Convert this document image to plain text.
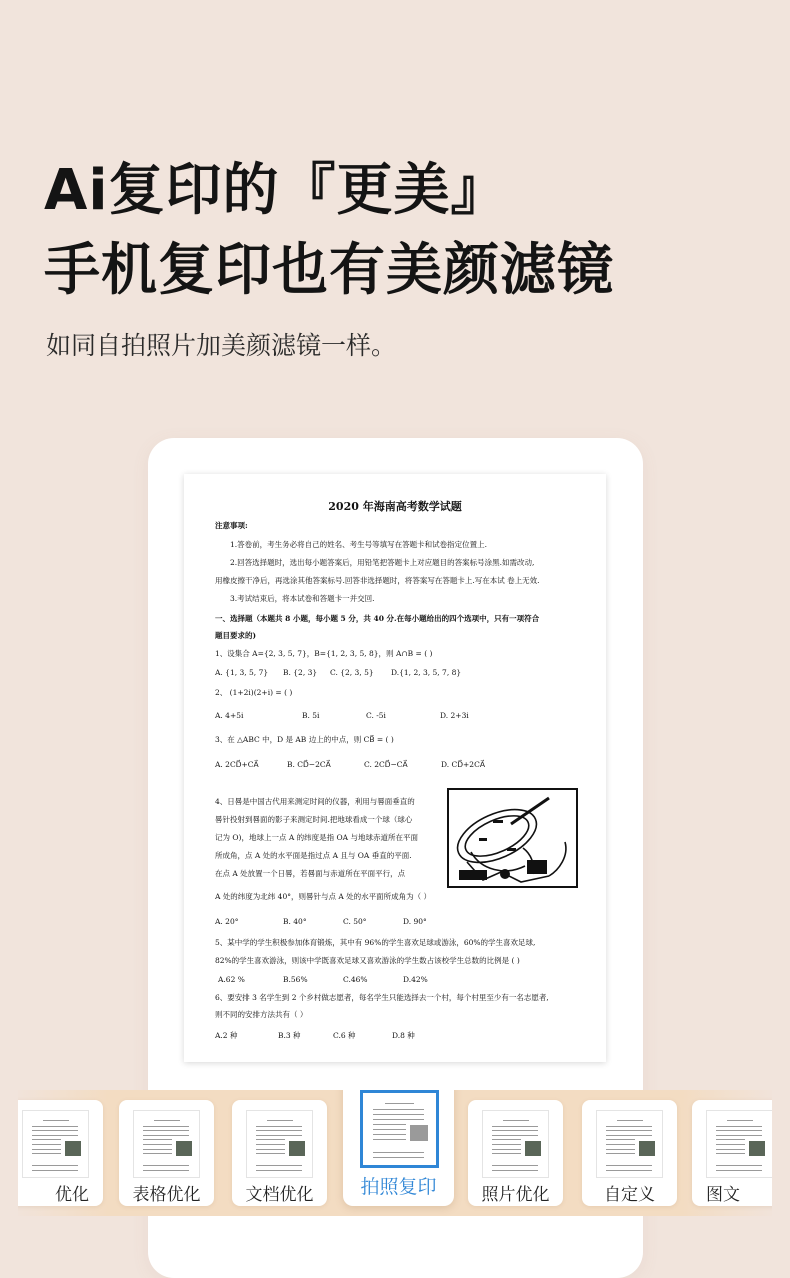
Ai复印的『更美』
手机复印也有美颜滤镜
如同自拍照片加美颜滤镜一样。
2020 年海南高考数学试题
注意事项:
1.答卷前，考生务必将自己的姓名、考生号等填写在答题卡和试卷指定位置上.
2.回答选择题时，选出每小题答案后，用铅笔把答题卡上对应题目的答案标号涂黑.如需改动,
用橡皮擦干净后，再选涂其他答案标号.回答非选择题时，将答案写在答题卡上.写在本试 卷上无效.
3.考试结束后，将本试卷和答题卡一并交回.
一、选择题（本题共 8 小题，每小题 5 分，共 40 分.在每小题给出的四个选项中，只有一项符合
题目要求的)
1、设集合 A={2, 3, 5, 7}，B={1, 2, 3, 5, 8}，则 A∩B = ( )
A. {1, 3, 5, 7} B. {2, 3} C. {2, 3, 5} D.{1, 2, 3, 5, 7, 8}
2、 (1+2i)(2+i) = ( )
A. 4+5i	B. 5i	C. -5i	D. 2+3i
3、在 △ABC 中，D 是 AB 边上的中点，则 CB⃗ = ( )
A. 2CD⃗+CA⃗	B. CD⃗−2CA⃗	C. 2CD⃗−CA⃗	D. CD⃗+2CA⃗
4、日晷是中国古代用来测定时间的仪器，利用与晷面垂直的
晷针投射到晷面的影子来测定时间.把地球看成一个球（球心
记为 O)，地球上一点 A 的纬度是指 OA 与地球赤道所在平面
所成角，点 A 处的水平面是指过点 A 且与 OA 垂直的平面.
在点 A 处放置一个日晷，若晷面与赤道所在平面平行，点
A 处的纬度为北纬 40°，则晷针与点 A 处的水平面所成角为（ ）
A. 20°	B. 40°	C. 50°	D. 90°
5、某中学的学生积极参加体育锻炼，其中有 96%的学生喜欢足球或游泳，60%的学生喜欢足球,
82%的学生喜欢游泳，则该中学既喜欢足球又喜欢游泳的学生数占该校学生总数的比例是 ( )
A.62 %	B.56%	C.46%	D.42%
6、要安排 3 名学生到 2 个乡村做志愿者，每名学生只能选择去一个村，每个村里至少有一名志愿者,
则不同的安排方法共有（ ）
A.2 种	B.3 种	C.6 种	D.8 种
优化	表格优化	文档优化	拍照复印	照片优化	自定义	图文
